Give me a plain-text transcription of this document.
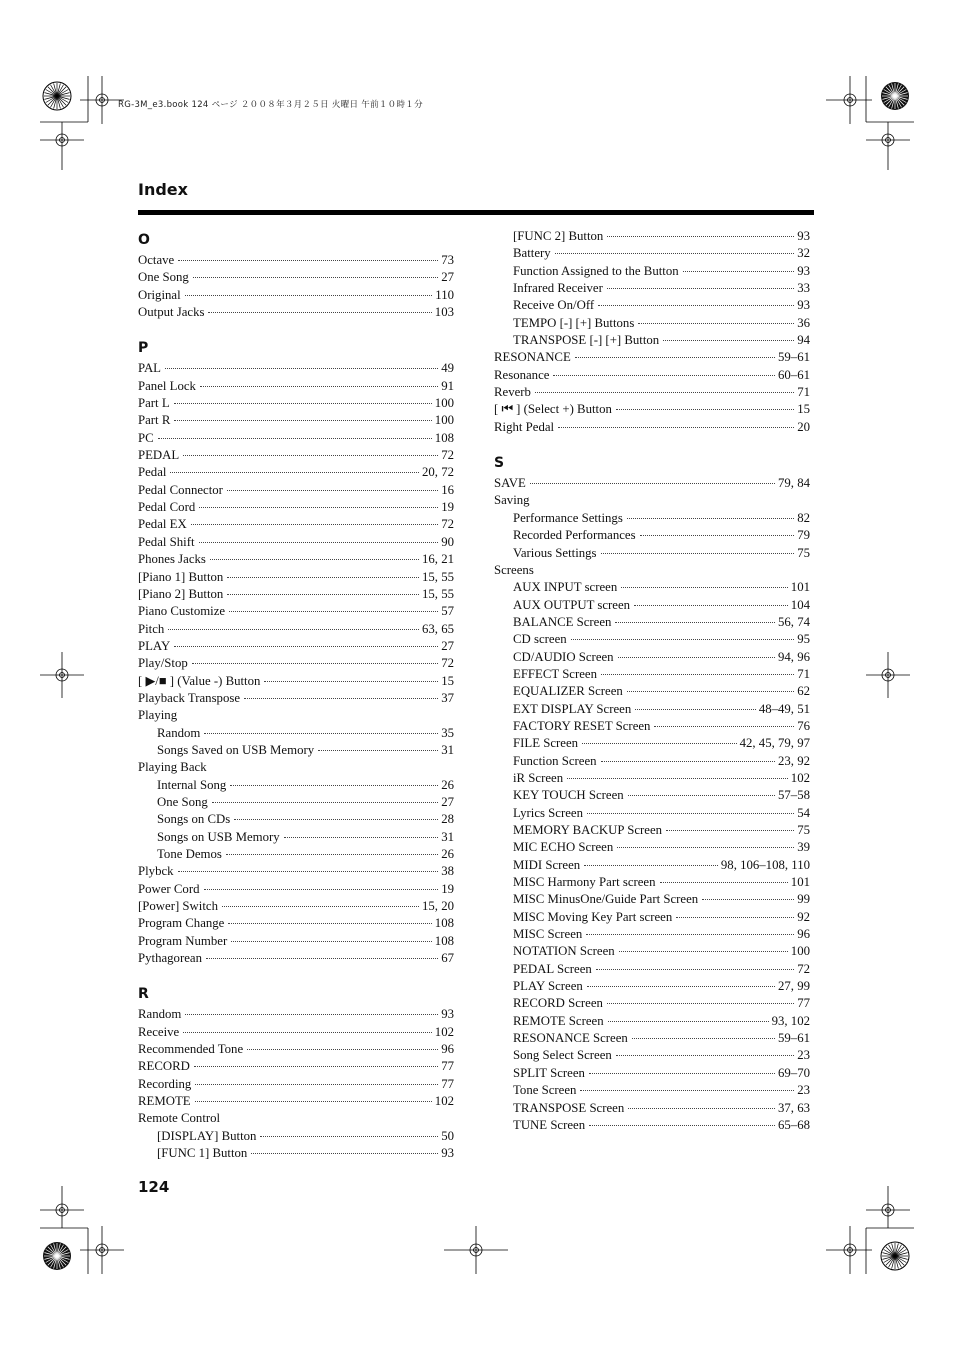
RG-3M_e3.book 124 ページ ２００８年３月２５日 火曜日 午前１０時１分
Index
O
Octave	73
One Song	27
Original	110
Output Jacks	103
P
PAL	49
Panel Lock	91
Part L	100
Part R	100
PC	108
PEDAL	72
Pedal	20, 72
Pedal Connector	16
Pedal Cord	19
Pedal EX	72
Pedal Shift	90
Phones Jacks	16, 21
[Piano 1] Button	15, 55
[Piano 2] Button	15, 55
Piano Customize	57
Pitch	63, 65
PLAY	27
Play/Stop	72
[ ▶/■ ] (Value -) Button	15
Playback Transpose	37
Playing
Random	35
Songs Saved on USB Memory	31
Playing Back
Internal Song	26
One Song	27
Songs on CDs	28
Songs on USB Memory	31
Tone Demos	26
Plybck	38
Power Cord	19
[Power] Switch	15, 20
Program Change	108
Program Number	108
Pythagorean	67
R
Random	93
Receive	102
Recommended Tone	96
RECORD	77
Recording	77
REMOTE	102
Remote Control
[DISPLAY] Button	50
[FUNC 1] Button	93
[FUNC 2] Button	93
Battery	32
Function Assigned to the Button	93
Infrared Receiver	33
Receive On/Off	93
TEMPO [-] [+] Buttons	36
TRANSPOSE [-] [+] Button	94
RESONANCE	59–61
Resonance	60–61
Reverb	71
[ ⏮ ] (Select +) Button	15
Right Pedal	20
S
SAVE	79, 84
Saving
Performance Settings	82
Recorded Performances	79
Various Settings	75
Screens
AUX INPUT screen	101
AUX OUTPUT screen	104
BALANCE Screen	56, 74
CD screen	95
CD/AUDIO Screen	94, 96
EFFECT Screen	71
EQUALIZER Screen	62
EXT DISPLAY Screen	48–49, 51
FACTORY RESET Screen	76
FILE Screen	42, 45, 79, 97
Function Screen	23, 92
iR Screen	102
KEY TOUCH Screen	57–58
Lyrics Screen	54
MEMORY BACKUP Screen	75
MIC ECHO Screen	39
MIDI Screen	98, 106–108, 110
MISC Harmony Part screen	101
MISC MinusOne/Guide Part Screen	99
MISC Moving Key Part screen	92
MISC Screen	96
NOTATION Screen	100
PEDAL Screen	72
PLAY Screen	27, 99
RECORD Screen	77
REMOTE Screen	93, 102
RESONANCE Screen	59–61
Song Select Screen	23
SPLIT Screen	69–70
Tone Screen	23
TRANSPOSE Screen	37, 63
TUNE Screen	65–68
124
